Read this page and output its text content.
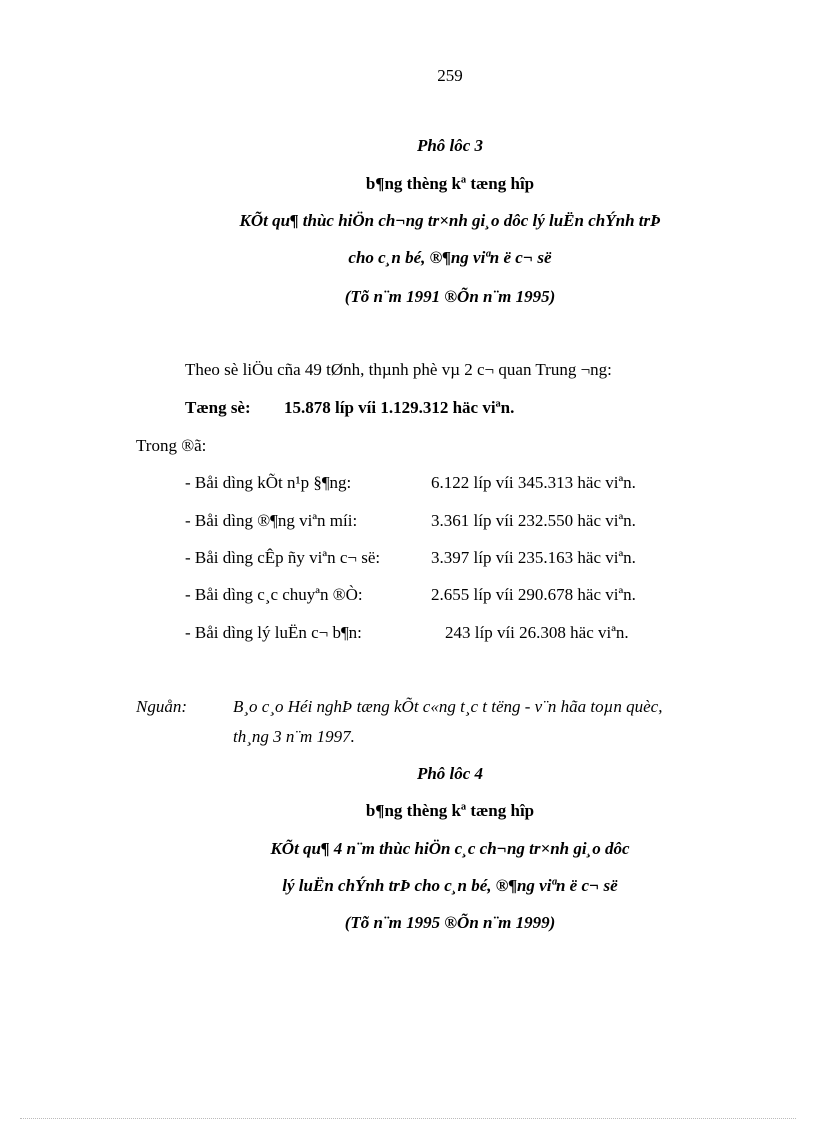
259
Phô lôc 3
b¶ng thèng kª tæng hîp
KÕt qu¶ thùc hiÖn ch¬ng tr×nh gi¸o dôc lý luËn chÝnh trÞ
cho c¸n bé, ®¶ng viªn ë c¬ së
(Tõ n¨m 1991 ®Õn n¨m 1995)
Theo sè liÖu cña 49 tØnh, thµnh phè vµ 2 c¬ quan Trung ¬ng:
Tæng sè: 15.878 líp víi 1.129.312 häc viªn.
Trong ®ã:
- Båi dìng kÕt n¹p §¶ng:	6.122 líp víi 345.313 häc viªn.
- Båi dìng ®¶ng viªn míi:	3.361 líp víi 232.550 häc viªn.
- Båi dìng cÊp ñy viªn c¬ së:	3.397 líp víi 235.163 häc viªn.
- Båi dìng c¸c chuyªn ®Ò:	2.655 líp víi 290.678 häc viªn.
- Båi dìng lý luËn c¬ b¶n:	243 líp víi 26.308 häc viªn.
Nguån:	B¸o c¸o Héi nghÞ tæng kÕt c«ng t¸c t tëng - v¨n hãa toµn quèc,
th¸ng 3 n¨m 1997.
Phô lôc 4
b¶ng thèng kª tæng hîp
KÕt qu¶ 4 n¨m thùc hiÖn c¸c ch¬ng tr×nh gi¸o dôc
lý luËn chÝnh trÞ cho c¸n bé, ®¶ng viªn ë c¬ së
(Tõ n¨m 1995 ®Õn n¨m 1999)
